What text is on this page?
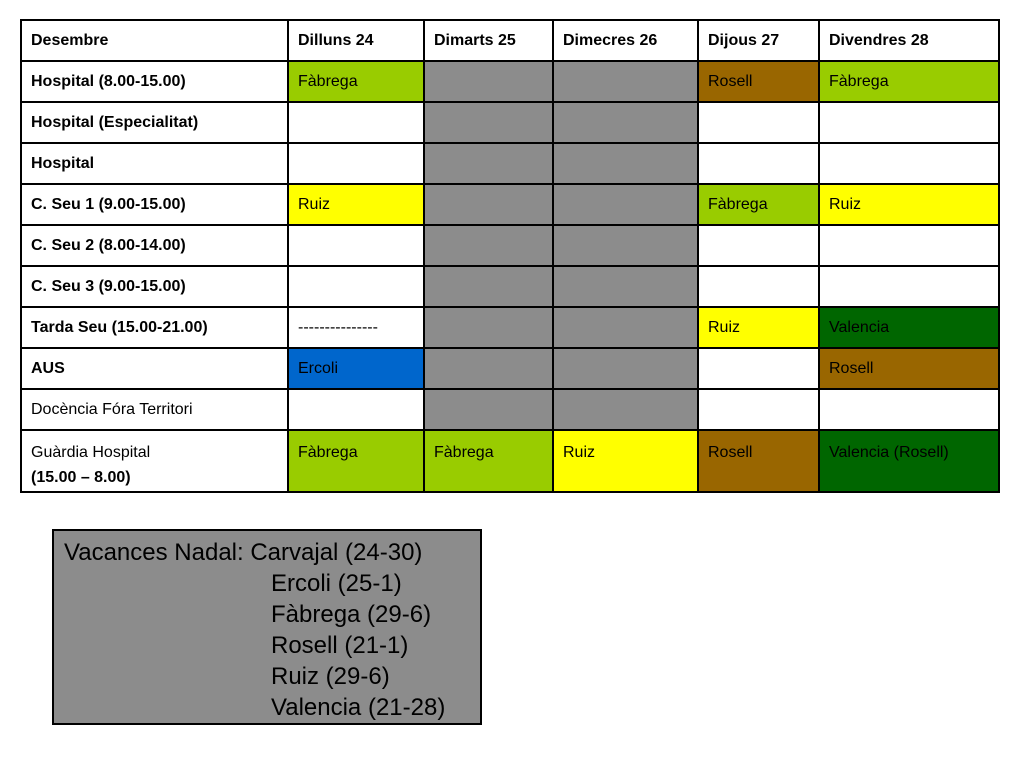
Desembre	Dilluns 24	Dimarts 25	Dimecres 26	Dijous 27	Divendres 28

Hospital (8.00-15.00)	Fàbrega			Rosell	Fàbrega

Hospital (Especialitat)					

Hospital					

C. Seu 1 (9.00-15.00)	Ruiz			Fàbrega	Ruiz

C. Seu 2 (8.00-14.00)					

C. Seu 3 (9.00-15.00)					

Tarda Seu (15.00-21.00)	---------------			Ruiz	Valencia

AUS	Ercoli				Rosell

Docència Fóra Territori					

Guàrdia Hospital
(15.00 – 8.00)	Fàbrega	Fàbrega	Ruiz	Rosell	Valencia (Rosell)
Vacances Nadal: Carvajal (24-30)
Ercoli (25-1)
Fàbrega (29-6)
Rosell (21-1)
Ruiz (29-6)
Valencia (21-28)
